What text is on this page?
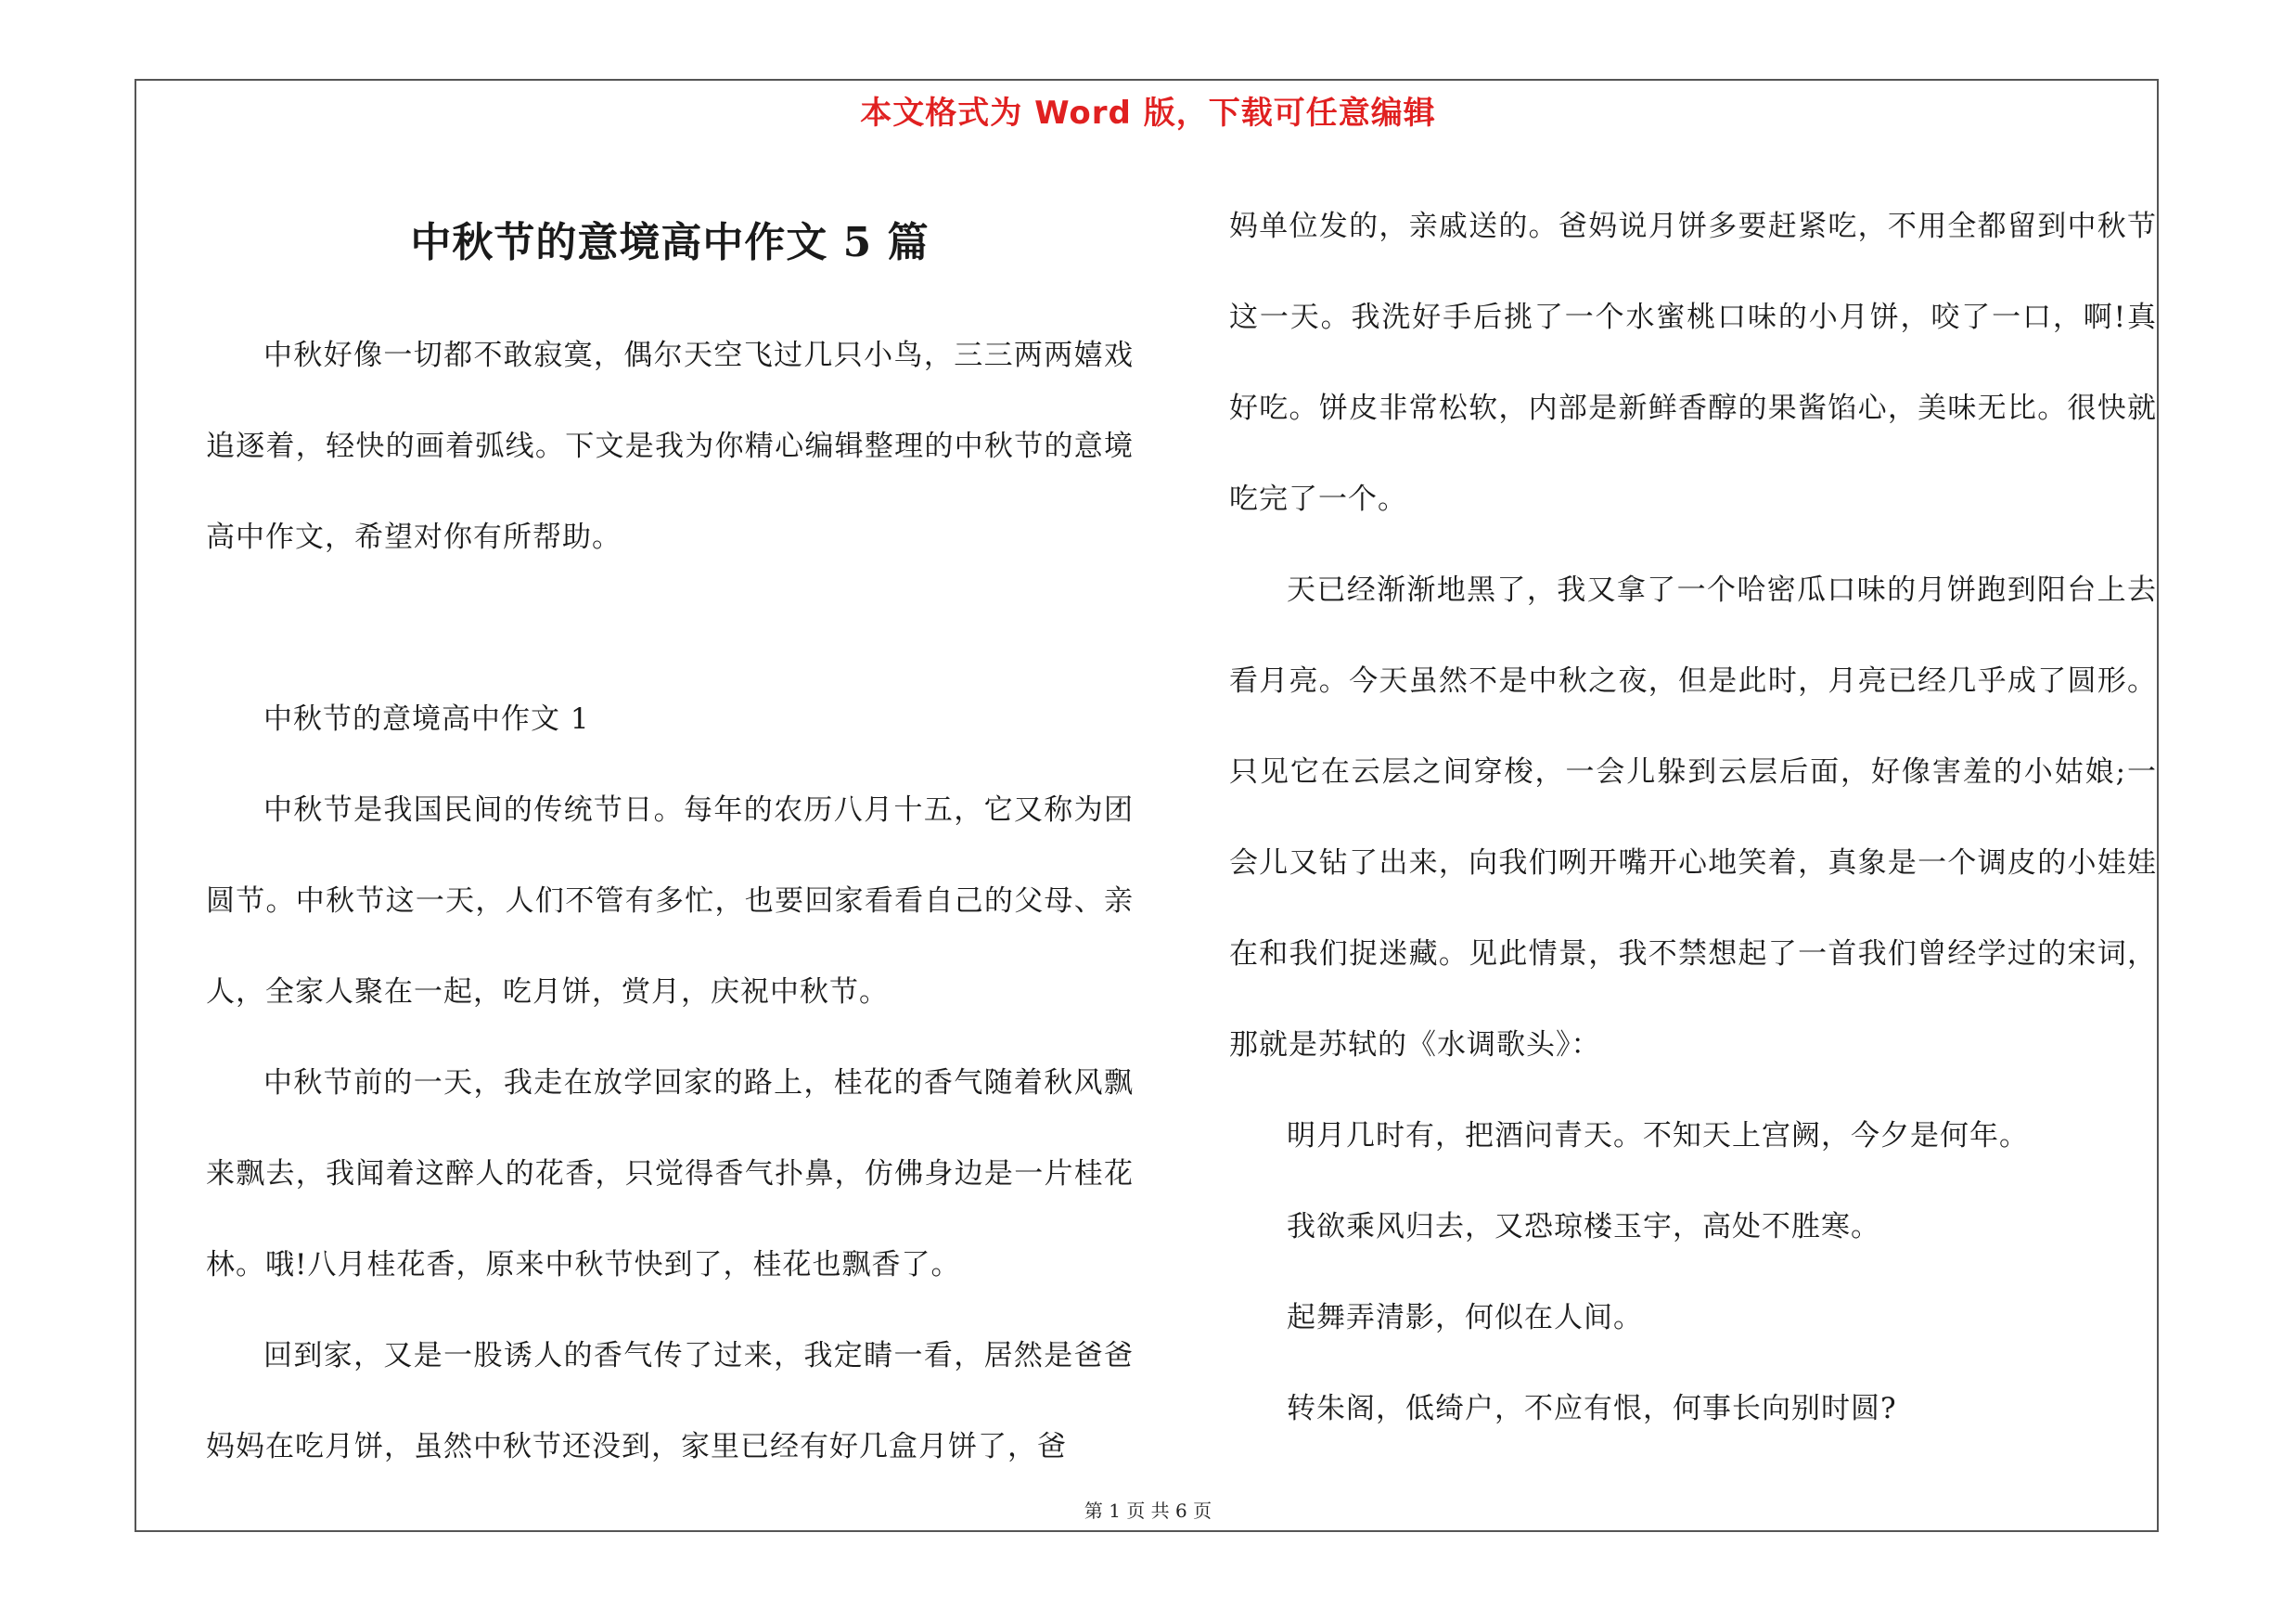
本文格式为 Word 版，下载可任意编辑
中秋节的意境高中作文 5 篇

中秋好像一切都不敢寂寞，偶尔天空飞过几只小鸟，三三两两嬉戏追逐着，轻快的画着弧线。下文是我为你精心编辑整理的中秋节的意境高中作文，希望对你有所帮助。

中秋节的意境高中作文 1

中秋节是我国民间的传统节日。每年的农历八月十五，它又称为团圆节。中秋节这一天，人们不管有多忙，也要回家看看自己的父母、亲人，全家人聚在一起，吃月饼，赏月，庆祝中秋节。

中秋节前的一天，我走在放学回家的路上，桂花的香气随着秋风飘来飘去，我闻着这醉人的花香，只觉得香气扑鼻，仿佛身边是一片桂花林。哦!八月桂花香，原来中秋节快到了，桂花也飘香了。

回到家，又是一股诱人的香气传了过来，我定睛一看，居然是爸爸妈妈在吃月饼，虽然中秋节还没到，家里已经有好几盒月饼了，爸

妈单位发的，亲戚送的。爸妈说月饼多要赶紧吃，不用全都留到中秋节这一天。我洗好手后挑了一个水蜜桃口味的小月饼，咬了一口，啊!真好吃。饼皮非常松软，内部是新鲜香醇的果酱馅心，美味无比。很快就吃完了一个。

天已经渐渐地黑了，我又拿了一个哈密瓜口味的月饼跑到阳台上去看月亮。今天虽然不是中秋之夜，但是此时，月亮已经几乎成了圆形。只见它在云层之间穿梭，一会儿躲到云层后面，好像害羞的小姑娘;一会儿又钻了出来，向我们咧开嘴开心地笑着，真象是一个调皮的小娃娃在和我们捉迷藏。见此情景，我不禁想起了一首我们曾经学过的宋词，那就是苏轼的《水调歌头》：

明月几时有，把酒问青天。不知天上宫阙，今夕是何年。

我欲乘风归去，又恐琼楼玉宇，高处不胜寒。

起舞弄清影，何似在人间。

转朱阁，低绮户，不应有恨，何事长向别时圆?

第 1 页 共 6 页
